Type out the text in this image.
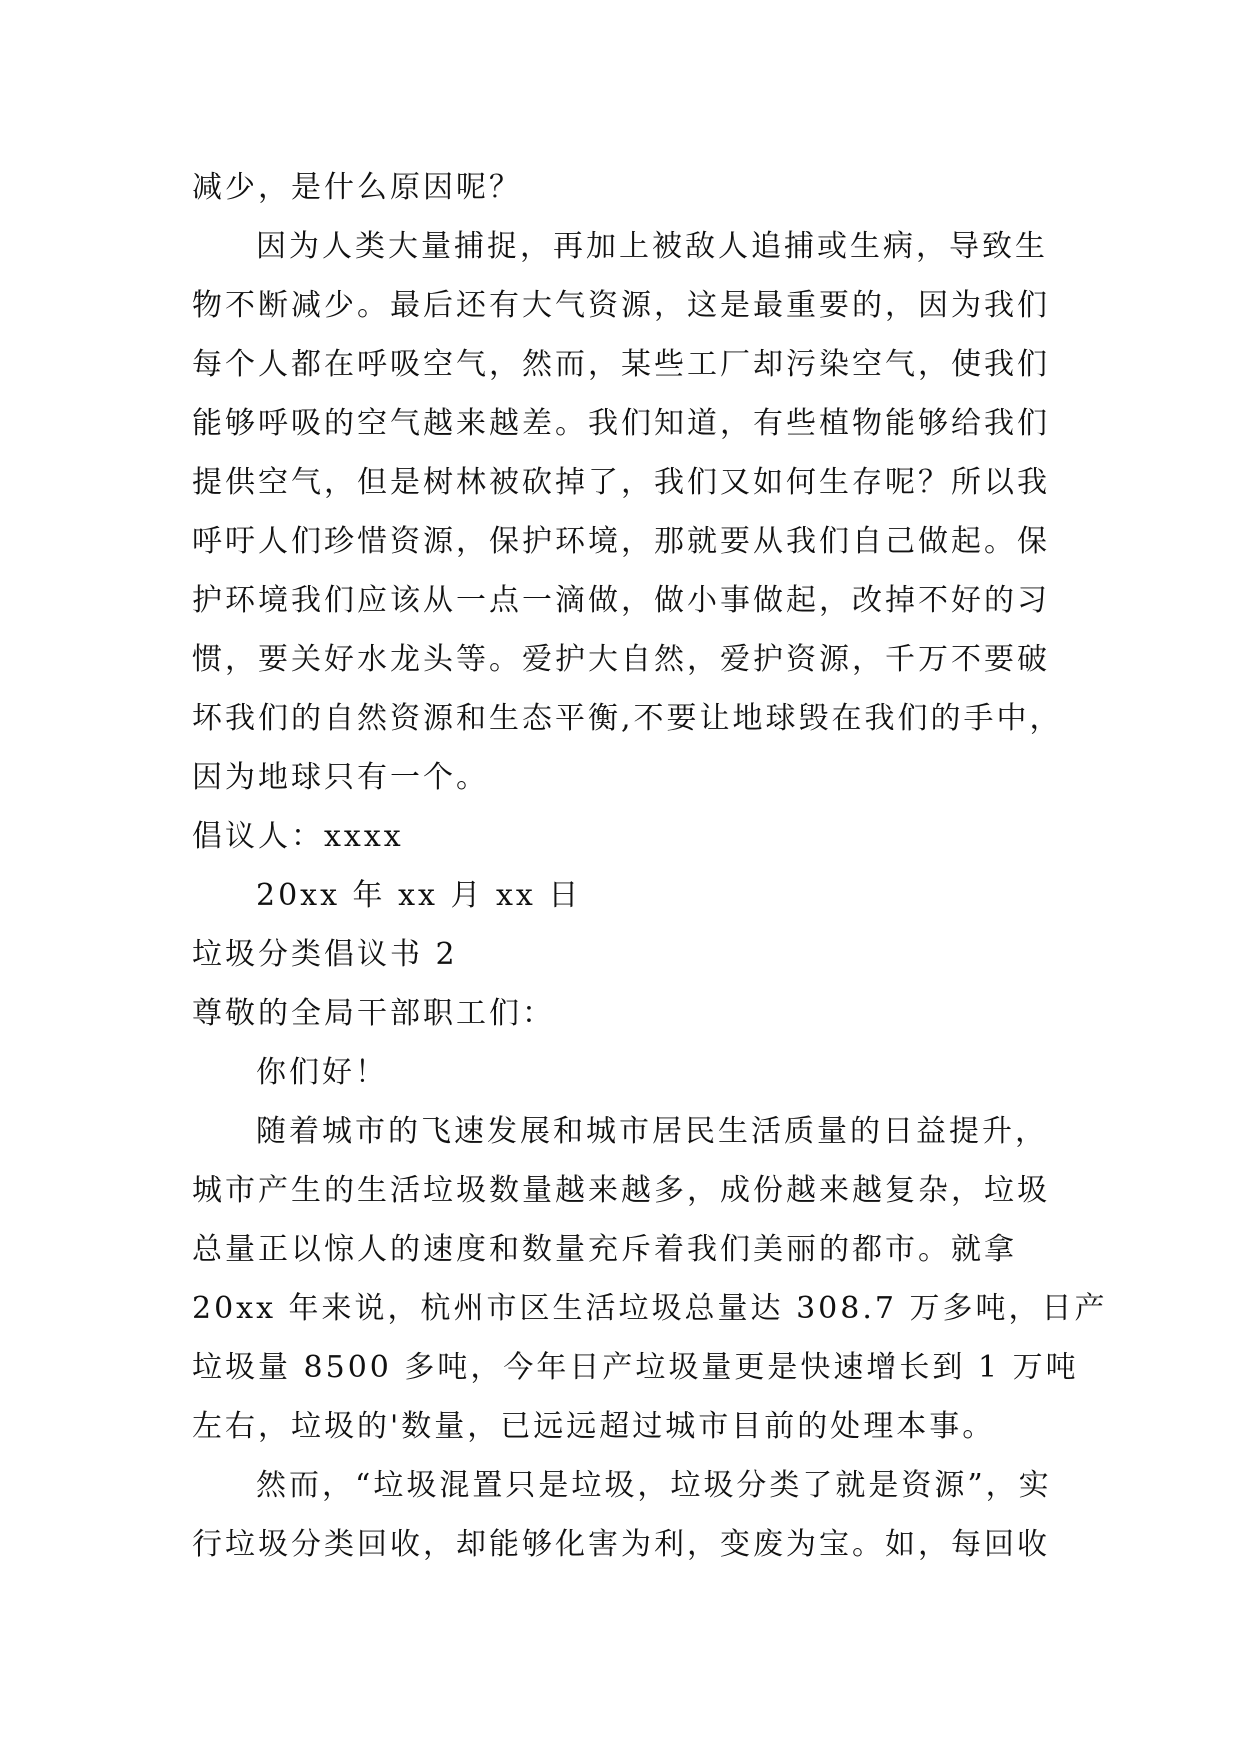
减少，是什么原因呢？
因为人类大量捕捉，再加上被敌人追捕或生病，导致生
物不断减少。最后还有大气资源，这是最重要的，因为我们
每个人都在呼吸空气，然而，某些工厂却污染空气，使我们
能够呼吸的空气越来越差。我们知道，有些植物能够给我们
提供空气，但是树林被砍掉了，我们又如何生存呢？所以我
呼吁人们珍惜资源，保护环境，那就要从我们自己做起。保
护环境我们应该从一点一滴做，做小事做起，改掉不好的习
惯，要关好水龙头等。爱护大自然，爱护资源，千万不要破
坏我们的自然资源和生态平衡,不要让地球毁在我们的手中，
因为地球只有一个。
倡议人：xxxx
20xx 年 xx 月 xx 日
垃圾分类倡议书 2
尊敬的全局干部职工们：
你们好！
随着城市的飞速发展和城市居民生活质量的日益提升，
城市产生的生活垃圾数量越来越多，成份越来越复杂，垃圾
总量正以惊人的速度和数量充斥着我们美丽的都市。就拿
20xx 年来说，杭州市区生活垃圾总量达 308.7 万多吨，日产
垃圾量 8500 多吨，今年日产垃圾量更是快速增长到 1 万吨
左右，垃圾的'数量，已远远超过城市目前的处理本事。
然而，“垃圾混置只是垃圾，垃圾分类了就是资源”，实
行垃圾分类回收，却能够化害为利，变废为宝。如，每回收
